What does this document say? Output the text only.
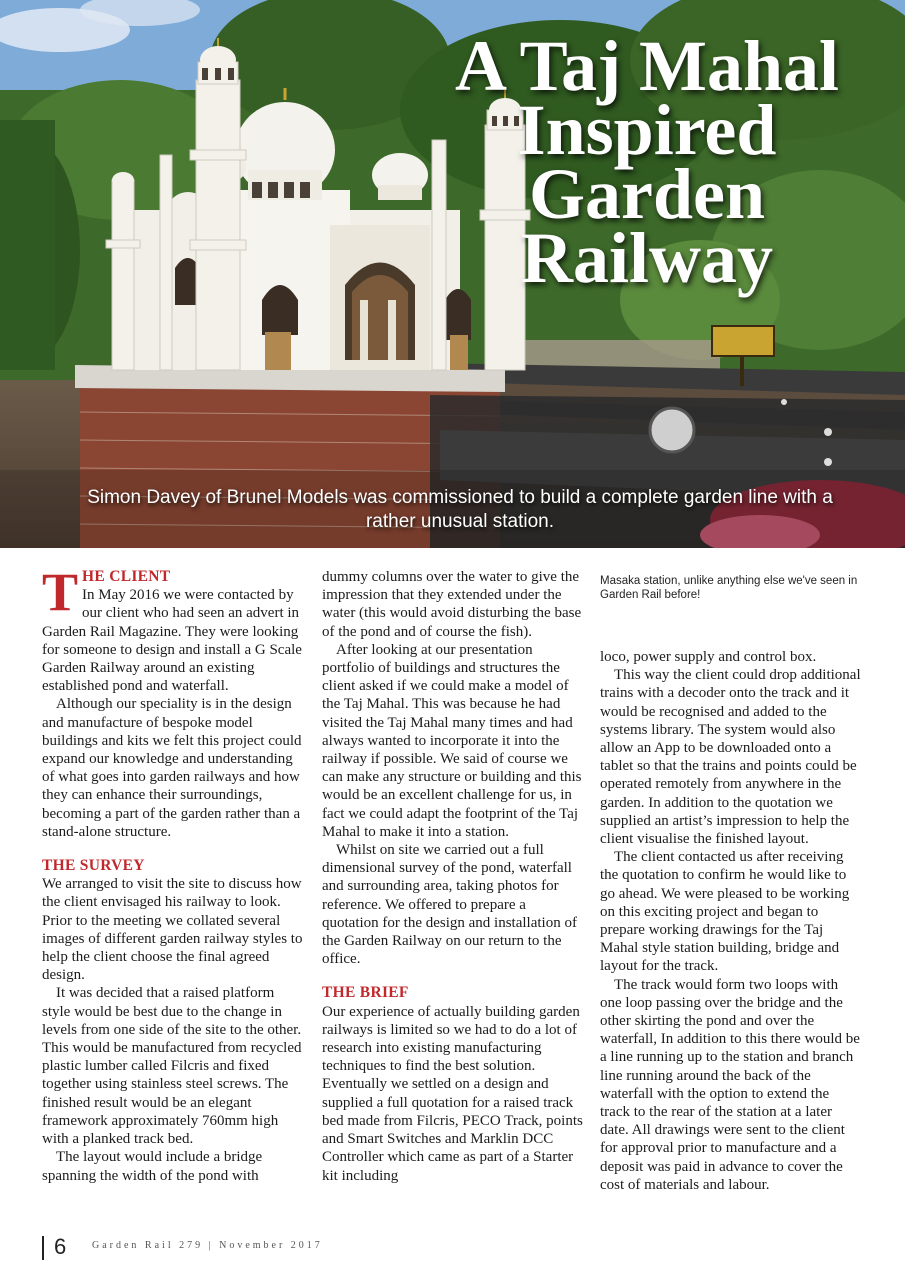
A Taj Mahal
Inspired
Garden
Railway
Simon Davey of Brunel Models was commissioned to build a complete garden line with a rather unusual station.
T HE CLIENT

In May 2016 we were contacted by our client who had seen an advert in Garden Rail Magazine. They were looking for someone to design and install a G Scale Garden Railway around an existing established pond and waterfall.

Although our speciality is in the design and manufacture of bespoke model buildings and kits we felt this project could expand our knowledge and understanding of what goes into garden railways and how they can enhance their surroundings, becoming a part of the garden rather than a stand-alone structure.

THE SURVEY

We arranged to visit the site to discuss how the client envisaged his railway to look. Prior to the meeting we collated several images of different garden railway styles to help the client choose the final agreed design.

It was decided that a raised platform style would be best due to the change in levels from one side of the site to the other. This would be manufactured from recycled plastic lumber called Filcris and fixed together using stainless steel screws. The finished result would be an elegant framework approximately 760mm high with a planked track bed.

The layout would include a bridge spanning the width of the pond with

dummy columns over the water to give the impression that they extended under the water (this would avoid disturbing the base of the pond and of course the fish).

After looking at our presentation portfolio of buildings and structures the client asked if we could make a model of the Taj Mahal. This was because he had visited the Taj Mahal many times and had always wanted to incorporate it into the railway if possible. We said of course we can make any structure or building and this would be an excellent challenge for us, in fact we could adapt the footprint of the Taj Mahal to make it into a station.

Whilst on site we carried out a full dimensional survey of the pond, waterfall and surrounding area, taking photos for reference. We offered to prepare a quotation for the design and installation of the Garden Railway on our return to the office.

THE BRIEF

Our experience of actually building garden railways is limited so we had to do a lot of research into existing manufacturing techniques to find the best solution. Eventually we settled on a design and supplied a full quotation for a raised track bed made from Filcris, PECO Track, points and Smart Switches and Marklin DCC Controller which came as part of a Starter kit including

Masaka station, unlike anything else we've seen in Garden Rail before!

loco, power supply and control box.

This way the client could drop additional trains with a decoder onto the track and it would be recognised and added to the systems library. The system would also allow an App to be downloaded onto a tablet so that the trains and points could be operated remotely from anywhere in the garden. In addition to the quotation we supplied an artist’s impression to help the client visualise the finished layout.

The client contacted us after receiving the quotation to confirm he would like to go ahead. We were pleased to be working on this exciting project and began to prepare working drawings for the Taj Mahal style station building, bridge and layout for the track.

The track would form two loops with one loop passing over the bridge and the other skirting the pond and over the waterfall, In addition to this there would be a line running up to the station and branch line running around the back of the waterfall with the option to extend the track to the rear of the station at a later date. All drawings were sent to the client for approval prior to manufacture and a deposit was paid in advance to cover the cost of materials and labour.

6	Garden Rail 279 | November 2017
